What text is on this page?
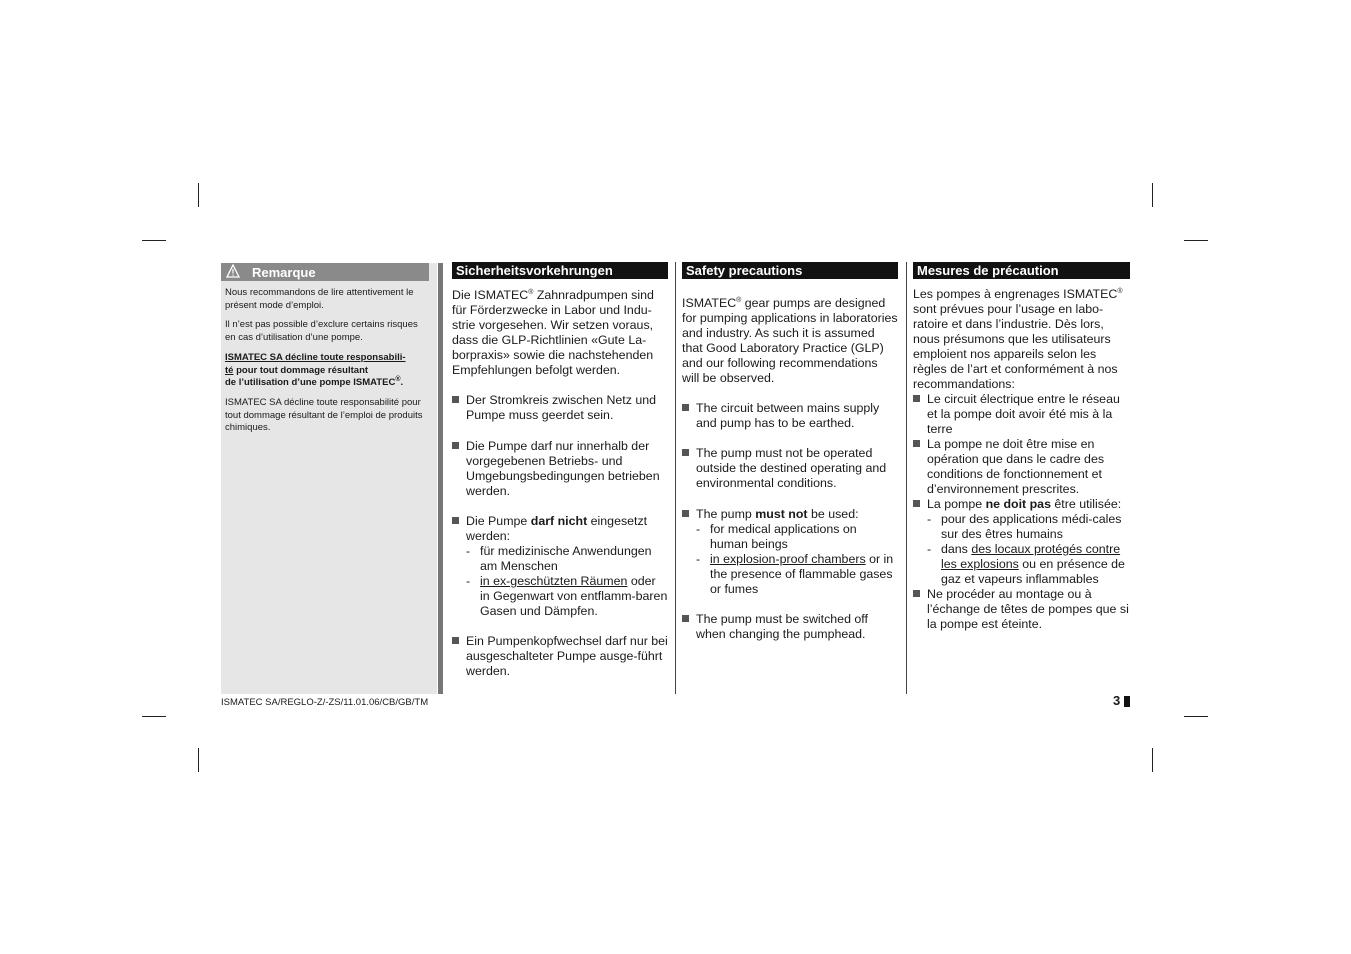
Remarque

Nous recommandons de lire attentivement le présent mode d’emploi.

Il n’est pas possible d’exclure certains risques en cas d’utilisation d’une pompe.

ISMATEC SA décline toute responsabili-
té pour tout dommage résultant
de l’utilisation d’une pompe ISMATEC®.

ISMATEC SA décline toute responsabilité pour tout dommage résultant de l’emploi de produits chimiques.

Sicherheitsvorkehrungen

Die ISMATEC® Zahnradpumpen sind für Förderzwecke in Labor und Indu-strie vorgesehen. Wir setzen voraus, dass die GLP-Richtlinien «Gute La-borpraxis» sowie die nachstehenden Empfehlungen befolgt werden.

Der Stromkreis zwischen Netz und Pumpe muss geerdet sein.
Die Pumpe darf nur innerhalb der vorgegebenen Betriebs- und Umgebungsbedingungen betrieben werden.
Die Pumpe darf nicht eingesetzt werden:
- für medizinische Anwendungen am Menschen
- in ex-geschützten Räumen oder in Gegenwart von entflamm-baren Gasen und Dämpfen.
Ein Pumpenkopfwechsel darf nur bei ausgeschalteter Pumpe ausge-führt werden.
Safety precautions

ISMATEC® gear pumps are designed for pumping applications in laboratories and industry. As such it is assumed that Good Laboratory Practice (GLP) and our following recommendations will be observed.

The circuit between mains supply and pump has to be earthed.
The pump must not be operated outside the destined operating and environmental conditions.
The pump must not be used:
- for medical applications on human beings
- in explosion-proof chambers or in the presence of flammable gases or fumes
The pump must be switched off when changing the pumphead.
Mesures de précaution

Les pompes à engrenages ISMATEC® sont prévues pour l’usage en labo-ratoire et dans l’industrie. Dès lors, nous présumons que les utilisateurs emploient nos appareils selon les règles de l’art et conformément à nos recommandations:

Le circuit électrique entre le réseau et la pompe doit avoir été mis à la terre
La pompe ne doit être mise en opération que dans le cadre des conditions de fonctionnement et d’environnement prescrites.
La pompe ne doit pas être utilisée:
- pour des applications médi-cales sur des êtres humains
- dans des locaux protégés contre les explosions ou en présence de gaz et vapeurs inflammables
Ne procéder au montage ou à l’échange de têtes de pompes que si la pompe est éteinte.
ISMATEC SA/REGLO-Z/-ZS/11.01.06/CB/GB/TM	3
